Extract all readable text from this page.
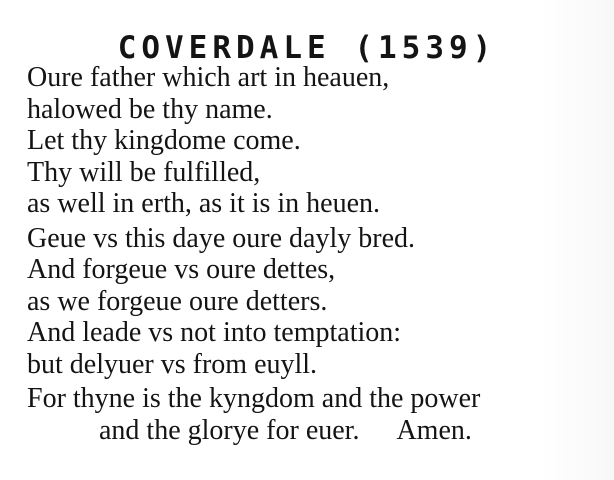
COVERDALE (1539)
Oure father which art in heauen,
halowed be thy name.
Let thy kingdome come.
Thy will be fulfilled,
as well in erth, as it is in heuen.
Geue vs this daye oure dayly bred.
And forgeue vs oure dettes,
as we forgeue oure detters.
And leade vs not into temptation:
but delyuer vs from euyll.
For thyne is the kyngdom and the power
and the glorye for euer. Amen.
